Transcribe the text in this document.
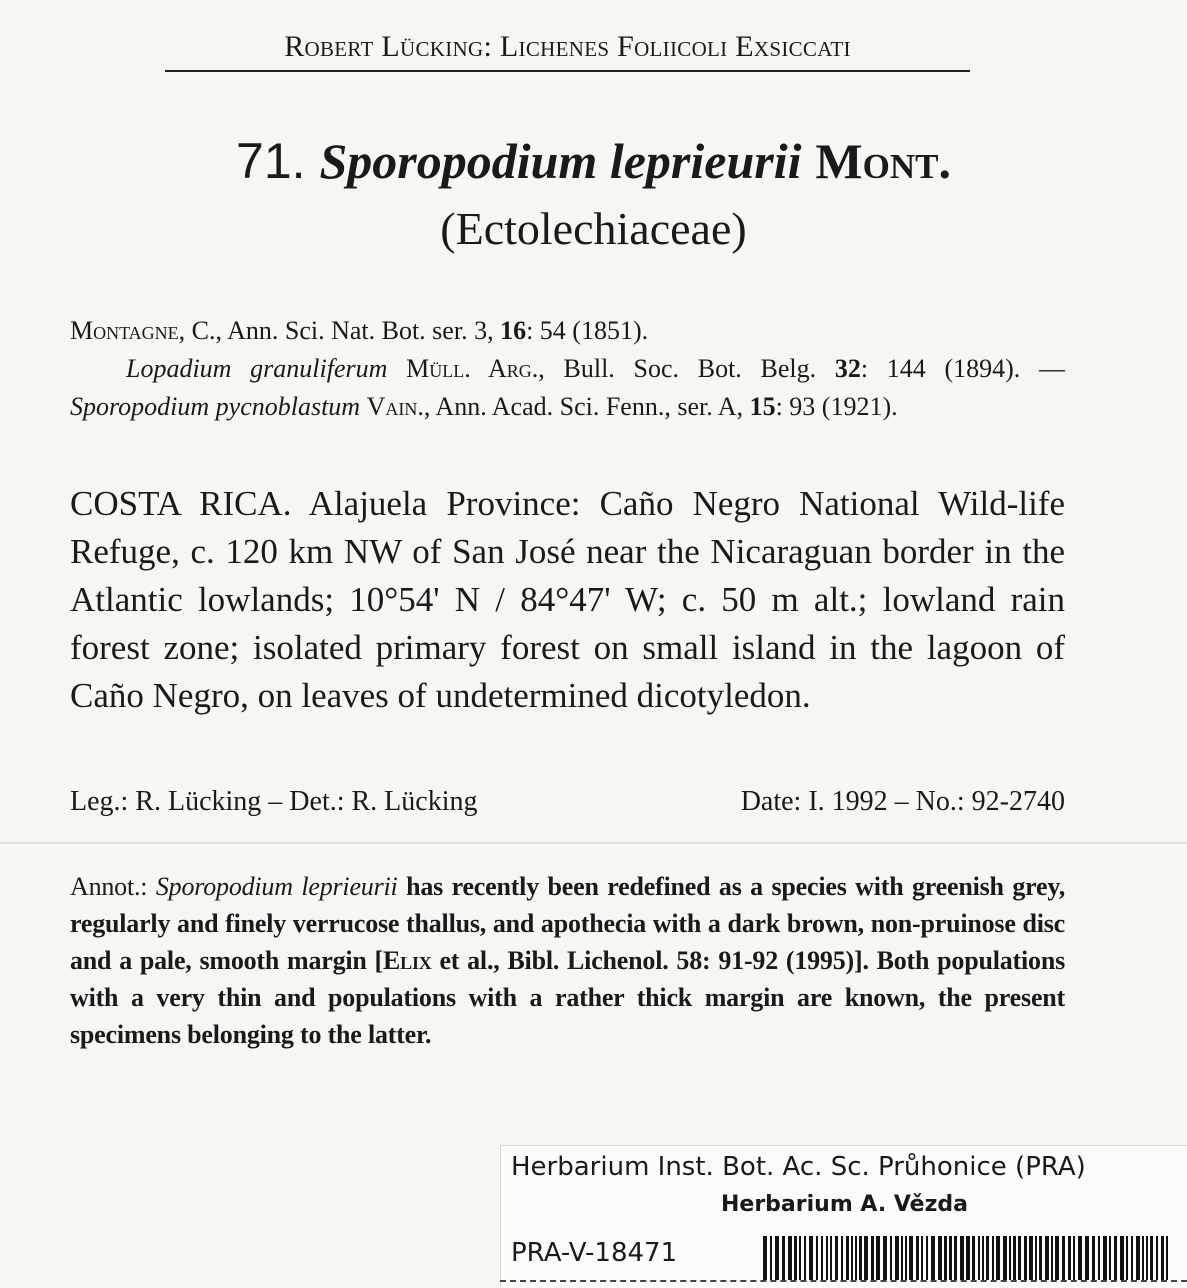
Robert Lücking: Lichenes Foliicoli Exsiccati
71. Sporopodium leprieurii Mont.
(Ectolechiaceae)

Montagne, C., Ann. Sci. Nat. Bot. ser. 3, 16: 54 (1851).

Lopadium granuliferum Müll. Arg., Bull. Soc. Bot. Belg. 32: 144 (1894). — Sporopodium pycnoblastum Vain., Ann. Acad. Sci. Fenn., ser. A, 15: 93 (1921).

COSTA RICA. Alajuela Province: Caño Negro National Wild-life Refuge, c. 120 km NW of San José near the Nicaraguan border in the Atlantic lowlands; 10°54' N / 84°47' W; c. 50 m alt.; lowland rain forest zone; isolated primary forest on small island in the lagoon of Caño Negro, on leaves of undetermined dicotyledon.
Leg.: R. Lücking – Det.: R. Lücking	Date: I. 1992 – No.: 92-2740
Annot.: Sporopodium leprieurii has recently been redefined as a species with greenish grey, regularly and finely verrucose thallus, and apothecia with a dark brown, non-pruinose disc and a pale, smooth margin [Elix et al., Bibl. Lichenol. 58: 91-92 (1995)]. Both populations with a very thin and populations with a rather thick margin are known, the present specimens belonging to the latter.
Herbarium Inst. Bot. Ac. Sc. Průhonice (PRA)
Herbarium A. Vězda
PRA-V-18471
